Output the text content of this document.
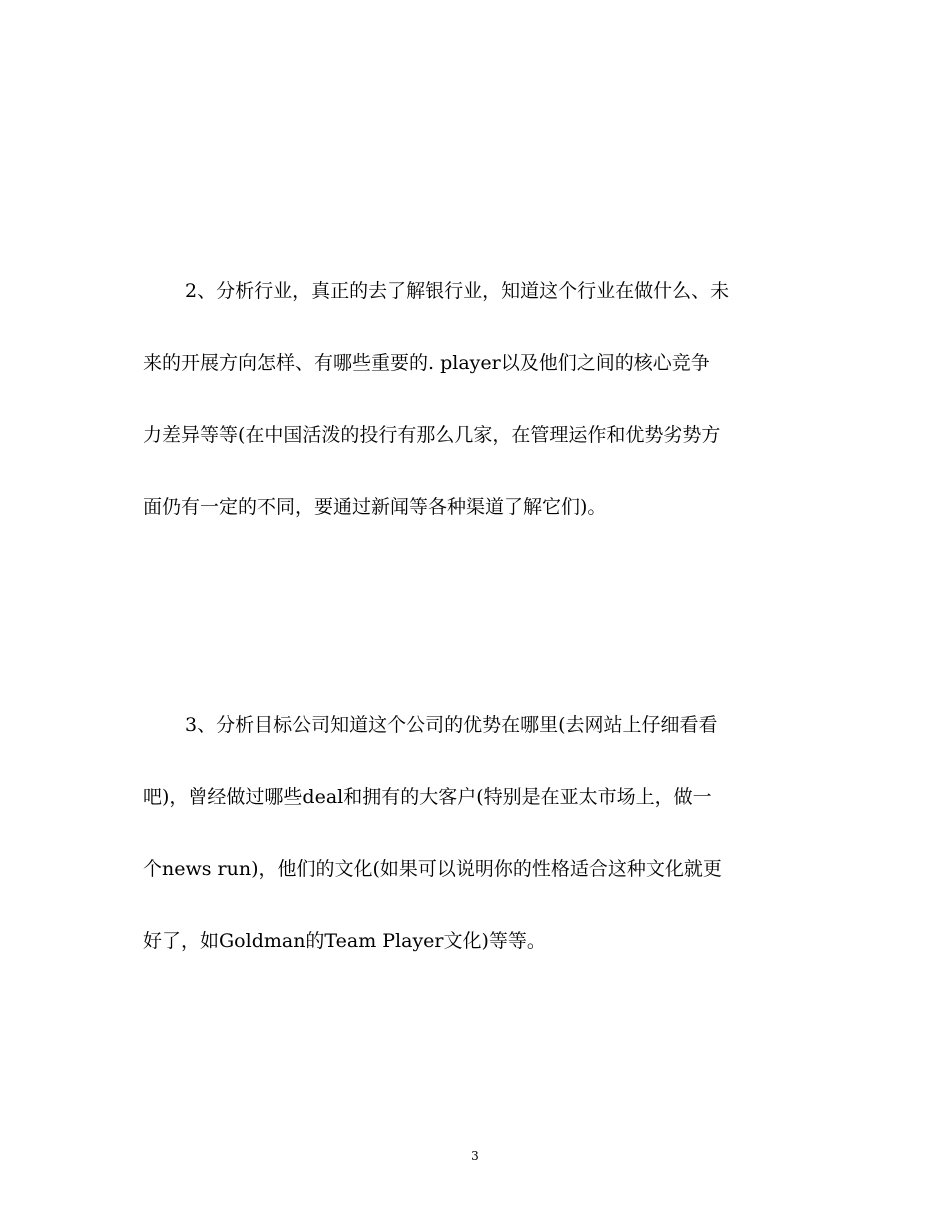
2、分析行业，真正的去了解银行业，知道这个行业在做什么、未
来的开展方向怎样、有哪些重要的. player以及他们之间的核心竞争
力差异等等(在中国活泼的投行有那么几家，在管理运作和优势劣势方
面仍有一定的不同，要通过新闻等各种渠道了解它们)。
3、分析目标公司知道这个公司的优势在哪里(去网站上仔细看看
吧)，曾经做过哪些deal和拥有的大客户(特别是在亚太市场上，做一
个news run)，他们的文化(如果可以说明你的性格适合这种文化就更
好了，如Goldman的Team Player文化)等等。
3
